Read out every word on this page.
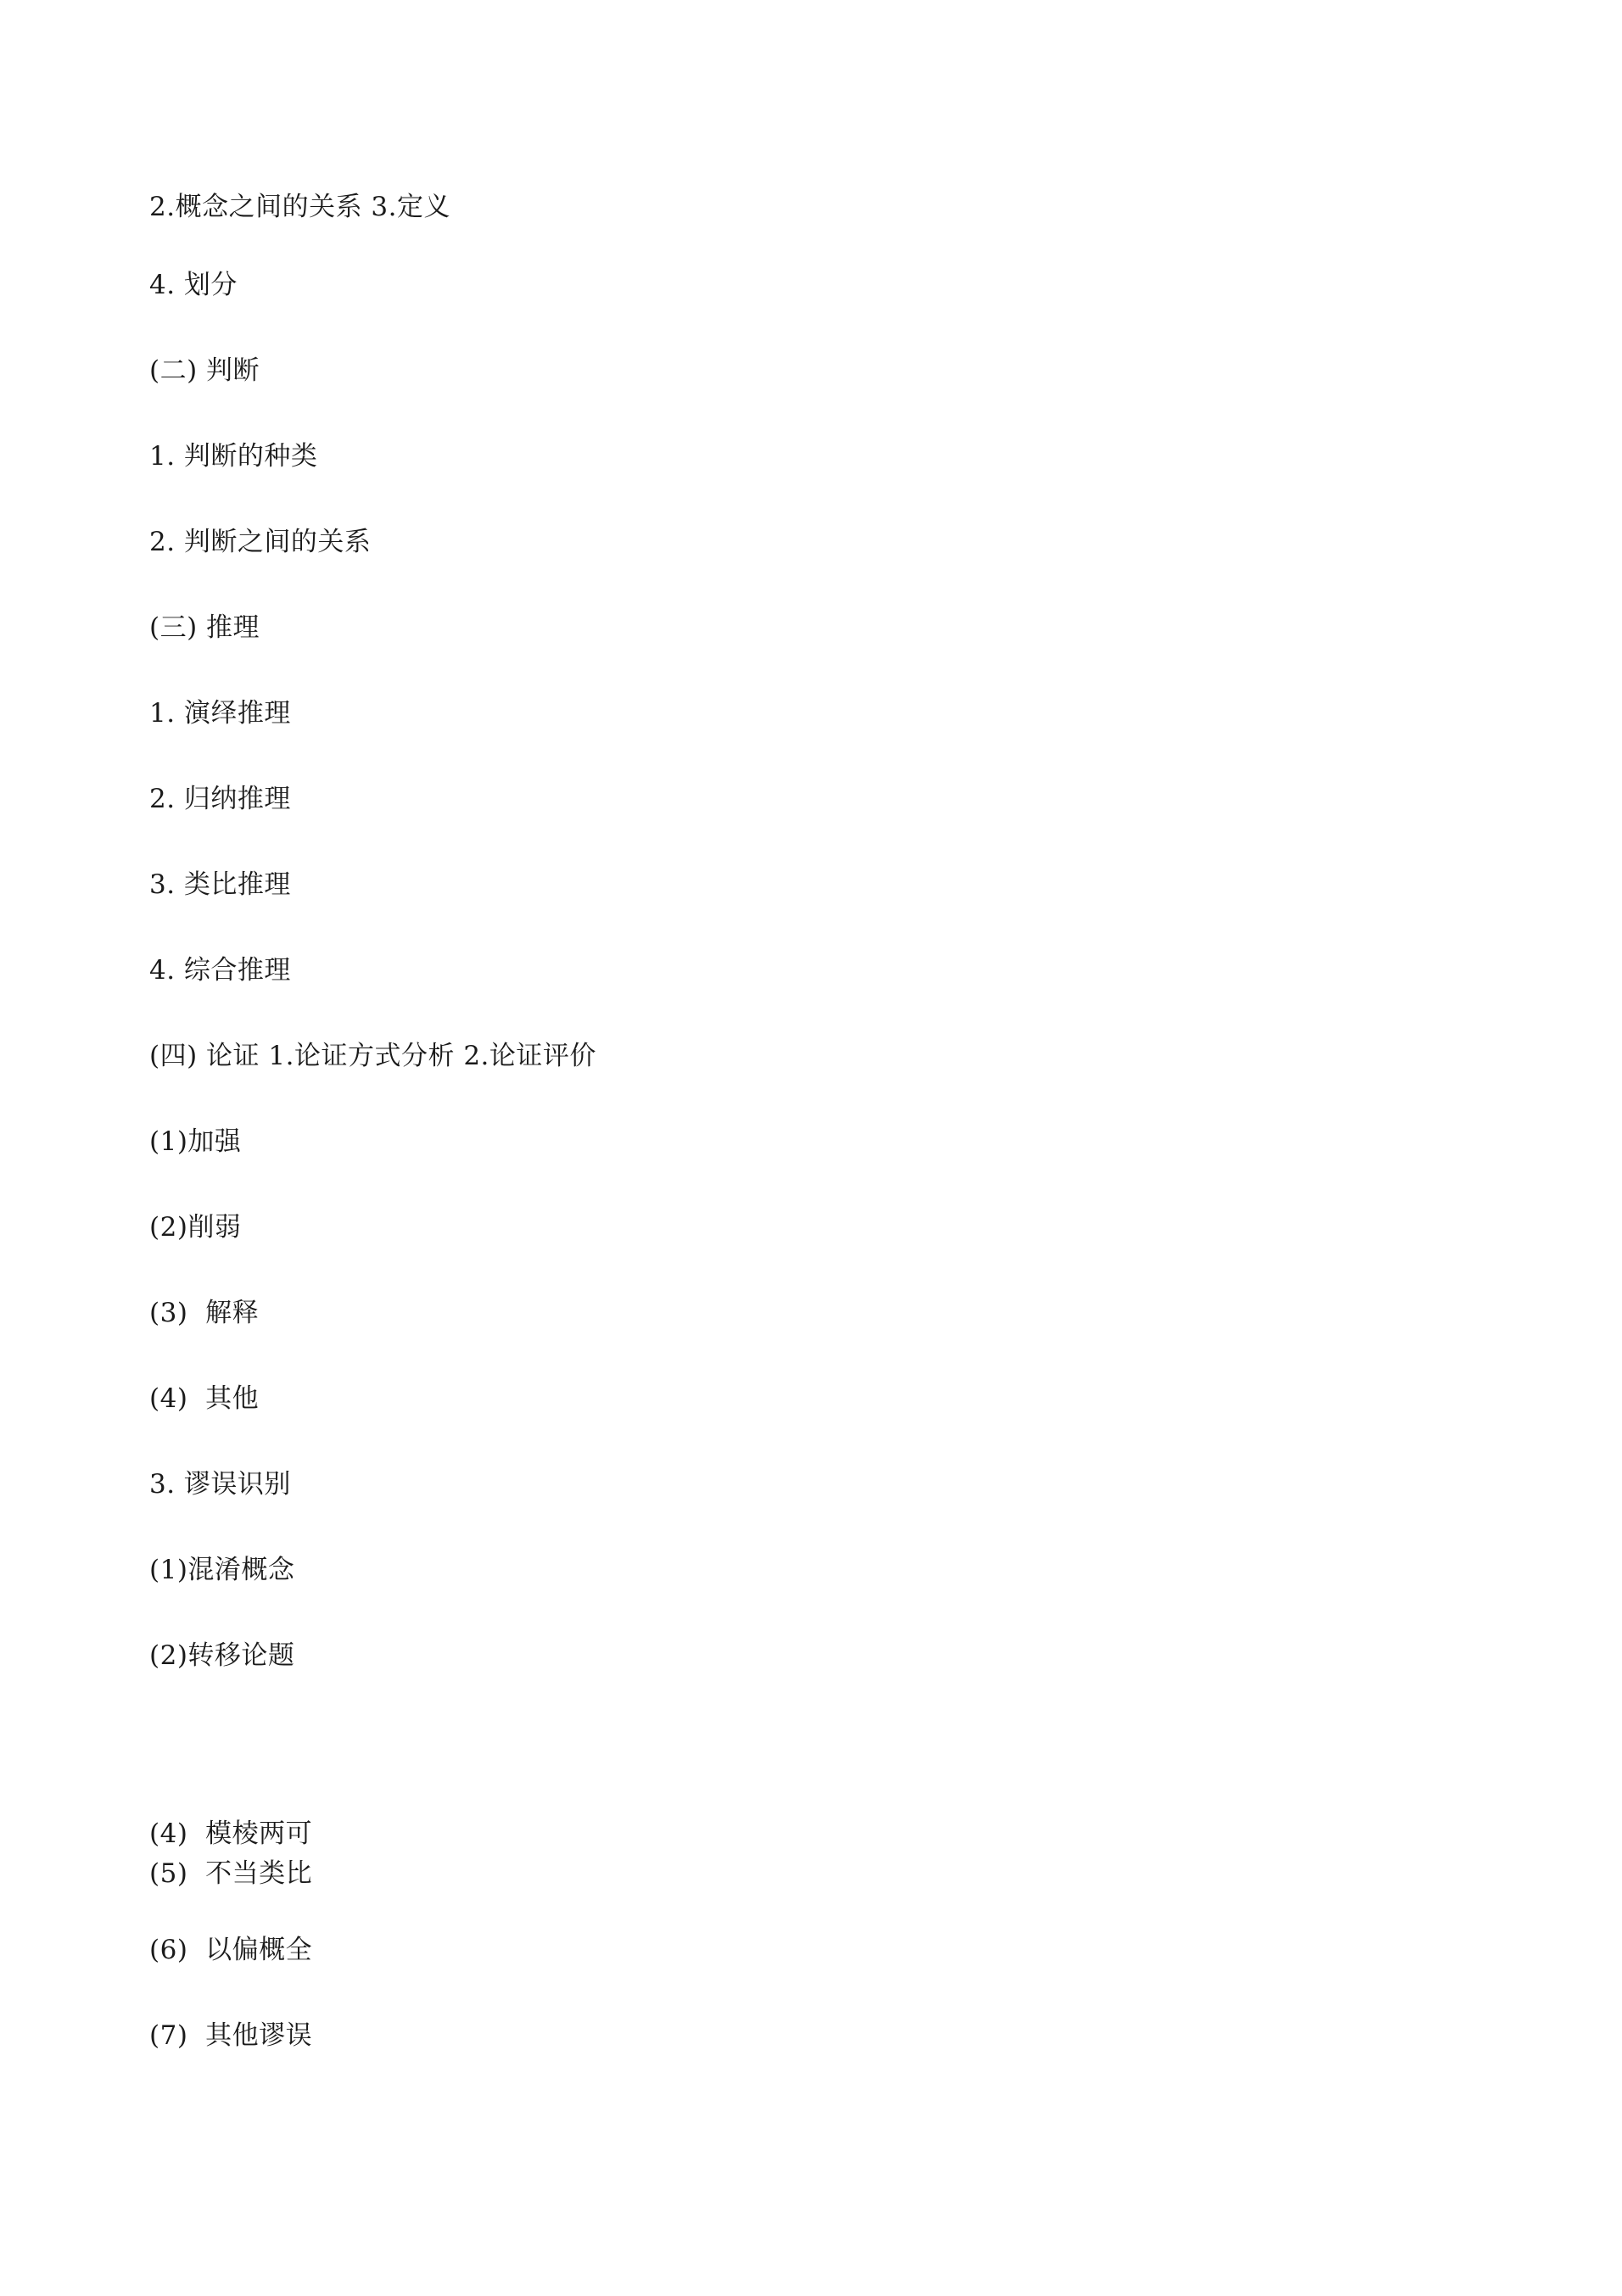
2.概念之间的关系 3.定义
4. 划分
(二) 判断
1. 判断的种类
2. 判断之间的关系
(三) 推理
1. 演绎推理
2. 归纳推理
3. 类比推理
4. 综合推理
(四) 论证 1.论证方式分析 2.论证评价
(1)加强
(2)削弱
(3)  解释
(4)  其他
3. 谬误识别
(1)混淆概念
(2)转移论题
(4)  模棱两可
(5)  不当类比
(6)  以偏概全
(7)  其他谬误
